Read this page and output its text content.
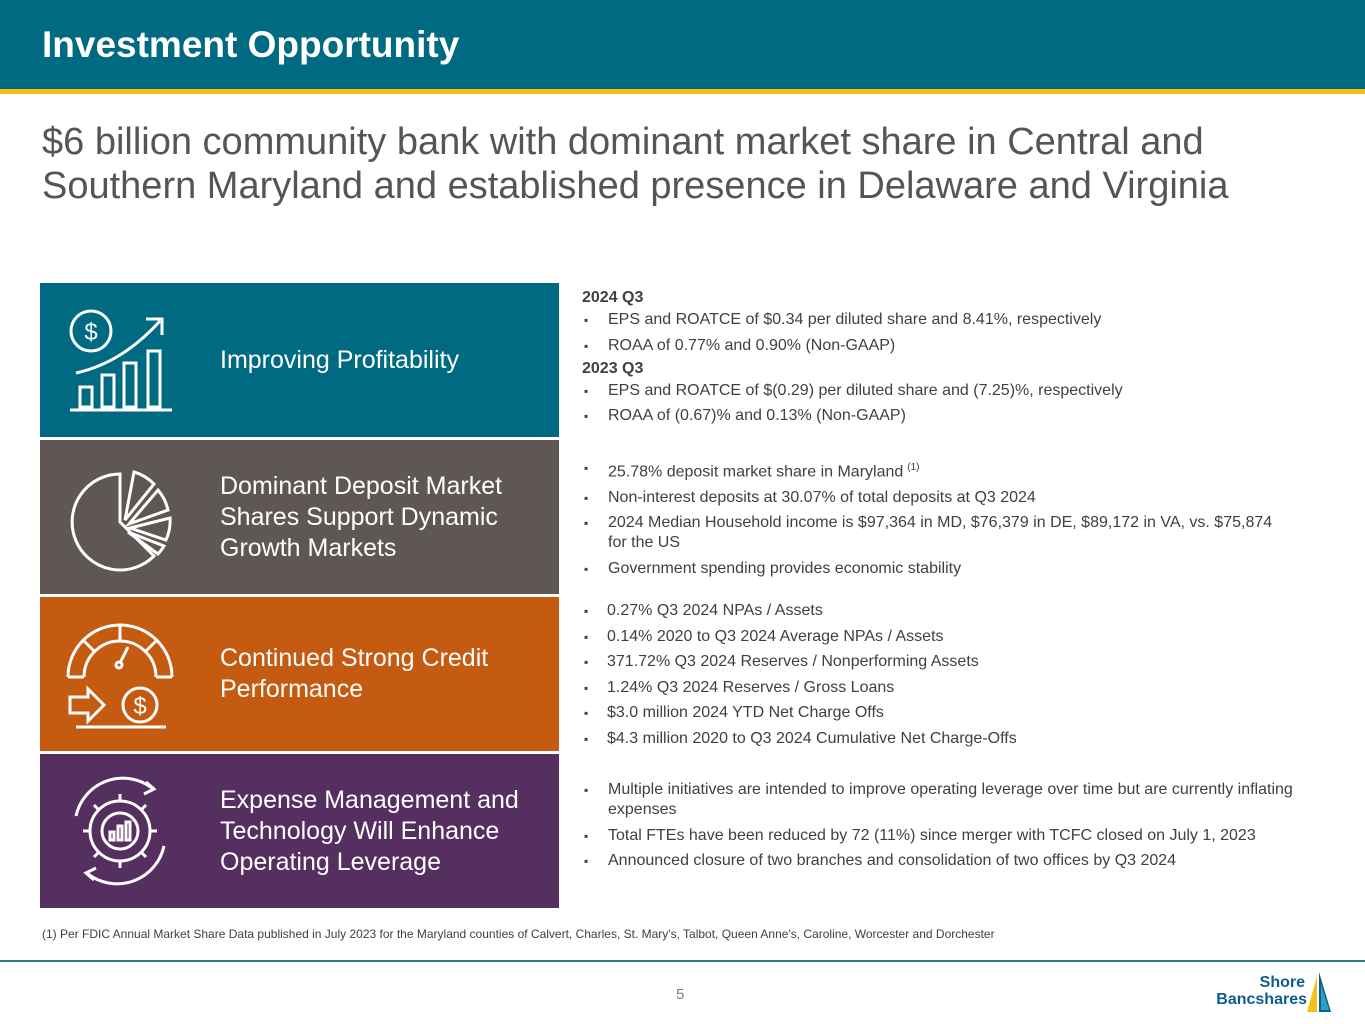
Investment Opportunity
$6 billion community bank with dominant market share in Central and Southern Maryland and established presence in Delaware and Virginia
$
Improving Profitability
Dominant Deposit Market Shares Support Dynamic Growth Markets
$
Continued Strong Credit Performance
Expense Management and Technology Will Enhance Operating Leverage
2024 Q3
▪ EPS and ROATCE of $0.34 per diluted share and 8.41%, respectively
▪ ROAA of 0.77% and 0.90% (Non-GAAP)
2023 Q3
▪ EPS and ROATCE of $(0.29) per diluted share and (7.25)%, respectively
▪ ROAA of (0.67)% and 0.13% (Non-GAAP)
▪ 25.78% deposit market share in Maryland $^{(1)}$
▪ Non-interest deposits at 30.07% of total deposits at Q3 2024
▪ 2024 Median Household income is $97,364 in MD, $76,379 in DE, $89,172 in VA, vs. $75,874 for the US
▪ Government spending provides economic stability
▪ 0.27% Q3 2024 NPAs / Assets
▪ 0.14% 2020 to Q3 2024 Average NPAs / Assets
▪ 371.72% Q3 2024 Reserves / Nonperforming Assets
▪ 1.24% Q3 2024 Reserves / Gross Loans
▪ $3.0 million 2024 YTD Net Charge Offs
▪ $4.3 million 2020 to Q3 2024 Cumulative Net Charge-Offs
▪ Multiple initiatives are intended to improve operating leverage over time but are currently inflating expenses
▪ Total FTEs have been reduced by 72 (11%) since merger with TCFC closed on July 1, 2023
▪ Announced closure of two branches and consolidation of two offices by Q3 2024
(1) Per FDIC Annual Market Share Data published in July 2023 for the Maryland counties of Calvert, Charles, St. Mary's, Talbot, Queen Anne's, Caroline, Worcester and Dorchester
5
Shore
Bancshares
